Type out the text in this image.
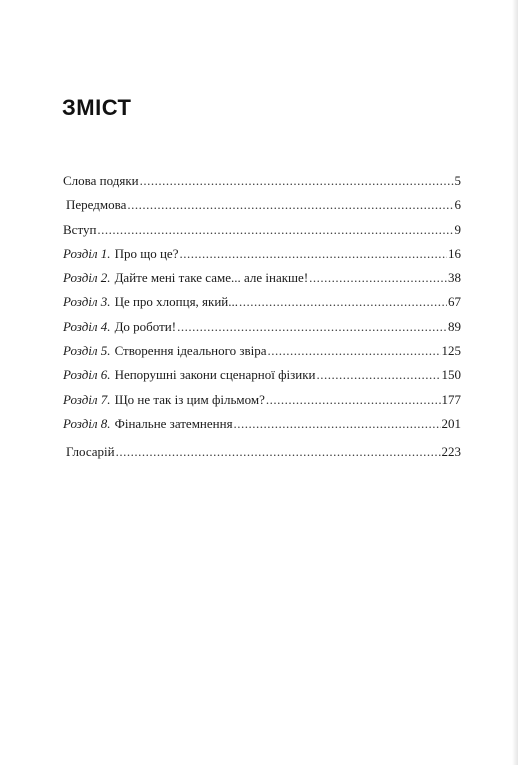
ЗМІСТ
Слова подяки .....	5
Передмова .....	6
Вступ .....	9
Розділ 1. Про що це? .....	16
Розділ 2. Дайте мені таке саме... але інакше! .....	38
Розділ 3. Це про хлопця, який... .....	67
Розділ 4. До роботи! .....	89
Розділ 5. Створення ідеального звіра .....	125
Розділ 6. Непорушні закони сценарної фізики .....	150
Розділ 7. Що не так із цим фільмом? .....	177
Розділ 8. Фінальне затемнення .....	201
Глосарій .....	223
